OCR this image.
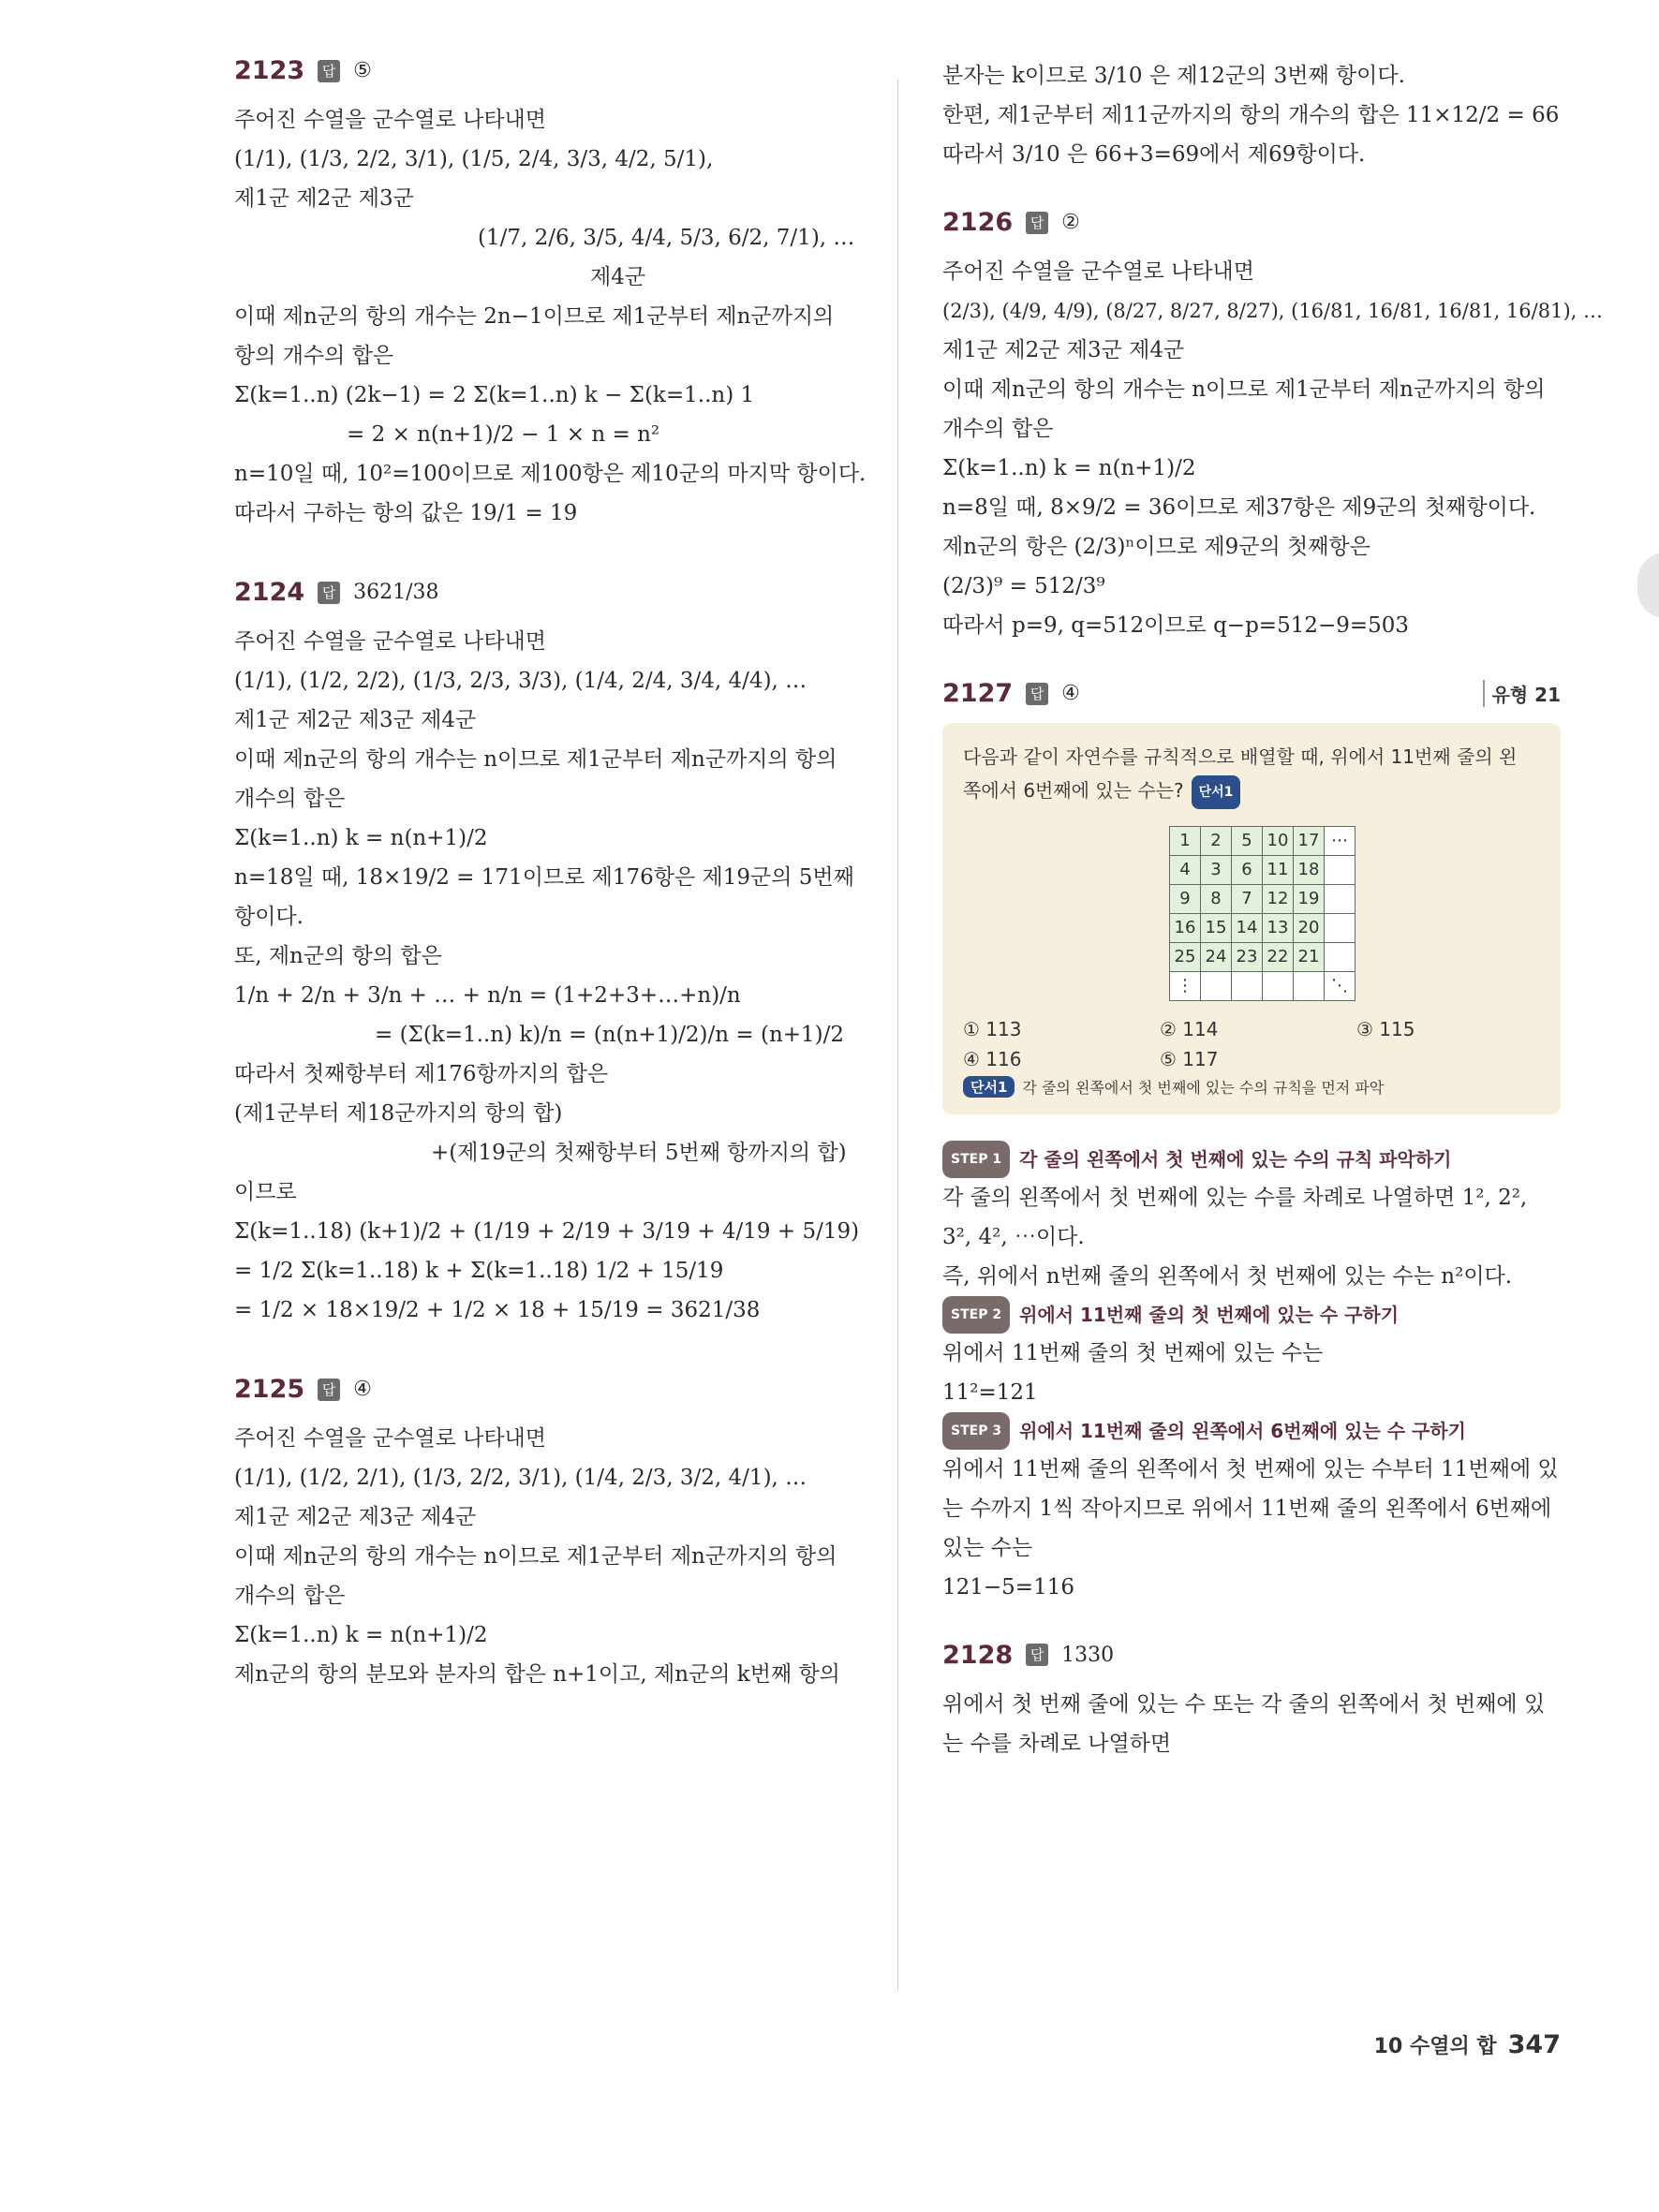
2123	답 ⑤
주어진 수열을 군수열로 나타내면
(1/1), (1/3, 2/2, 3/1), (1/5, 2/4, 3/3, 4/2, 5/1),
제1군 제2군 제3군
(1/7, 2/6, 3/5, 4/4, 5/3, 6/2, 7/1), …
제4군
이때 제n군의 항의 개수는 2n−1이므로 제1군부터 제n군까지의
항의 개수의 합은
Σ(k=1..n) (2k−1) = 2 Σ(k=1..n) k − Σ(k=1..n) 1
= 2 × n(n+1)/2 − 1 × n = n²
n=10일 때, 10²=100이므로 제100항은 제10군의 마지막 항이다.
따라서 구하는 항의 값은 19/1 = 19
2124	답 3621/38
주어진 수열을 군수열로 나타내면
(1/1), (1/2, 2/2), (1/3, 2/3, 3/3), (1/4, 2/4, 3/4, 4/4), …
제1군 제2군 제3군 제4군
이때 제n군의 항의 개수는 n이므로 제1군부터 제n군까지의 항의
개수의 합은
Σ(k=1..n) k = n(n+1)/2
n=18일 때, 18×19/2 = 171이므로 제176항은 제19군의 5번째
항이다.
또, 제n군의 항의 합은
1/n + 2/n + 3/n + … + n/n = (1+2+3+…+n)/n
= (Σ(k=1..n) k)/n = (n(n+1)/2)/n = (n+1)/2
따라서 첫째항부터 제176항까지의 합은
(제1군부터 제18군까지의 항의 합)
+(제19군의 첫째항부터 5번째 항까지의 합)
이므로
Σ(k=1..18) (k+1)/2 + (1/19 + 2/19 + 3/19 + 4/19 + 5/19)
= 1/2 Σ(k=1..18) k + Σ(k=1..18) 1/2 + 15/19
= 1/2 × 18×19/2 + 1/2 × 18 + 15/19 = 3621/38
2125	답 ④
주어진 수열을 군수열로 나타내면
(1/1), (1/2, 2/1), (1/3, 2/2, 3/1), (1/4, 2/3, 3/2, 4/1), …
제1군 제2군 제3군 제4군
이때 제n군의 항의 개수는 n이므로 제1군부터 제n군까지의 항의
개수의 합은
Σ(k=1..n) k = n(n+1)/2
제n군의 항의 분모와 분자의 합은 n+1이고, 제n군의 k번째 항의
분자는 k이므로 3/10 은 제12군의 3번째 항이다.
한편, 제1군부터 제11군까지의 항의 개수의 합은 11×12/2 = 66
따라서 3/10 은 66+3=69에서 제69항이다.
2126	답 ②
주어진 수열을 군수열로 나타내면
(2/3), (4/9, 4/9), (8/27, 8/27, 8/27), (16/81, 16/81, 16/81, 16/81), …
제1군 제2군 제3군 제4군
이때 제n군의 항의 개수는 n이므로 제1군부터 제n군까지의 항의
개수의 합은
Σ(k=1..n) k = n(n+1)/2
n=8일 때, 8×9/2 = 36이므로 제37항은 제9군의 첫째항이다.
제n군의 항은 (2/3)ⁿ이므로 제9군의 첫째항은
(2/3)⁹ = 512/3⁹
따라서 p=9, q=512이므로 q−p=512−9=503
2127	답 ④	유형 21
다음과 같이 자연수를 규칙적으로 배열할 때, 위에서 11번째 줄의 왼
쪽에서 6번째에 있는 수는? 단서1
1	2	5	10	17	⋯
4	3	6	11	18	
9	8	7	12	19	
16	15	14	13	20	
25	24	23	22	21	
⋮					⋱
① 113	② 114	③ 115
④ 116	⑤ 117
단서1	각 줄의 왼쪽에서 첫 번째에 있는 수의 규칙을 먼저 파악
STEP 1 각 줄의 왼쪽에서 첫 번째에 있는 수의 규칙 파악하기
각 줄의 왼쪽에서 첫 번째에 있는 수를 차례로 나열하면 1², 2²,
3², 4², ⋯이다.
즉, 위에서 n번째 줄의 왼쪽에서 첫 번째에 있는 수는 n²이다.
STEP 2 위에서 11번째 줄의 첫 번째에 있는 수 구하기
위에서 11번째 줄의 첫 번째에 있는 수는
11²=121
STEP 3 위에서 11번째 줄의 왼쪽에서 6번째에 있는 수 구하기
위에서 11번째 줄의 왼쪽에서 첫 번째에 있는 수부터 11번째에 있
는 수까지 1씩 작아지므로 위에서 11번째 줄의 왼쪽에서 6번째에
있는 수는
121−5=116
2128	답 1330
위에서 첫 번째 줄에 있는 수 또는 각 줄의 왼쪽에서 첫 번째에 있
는 수를 차례로 나열하면
10 수열의 합 347
